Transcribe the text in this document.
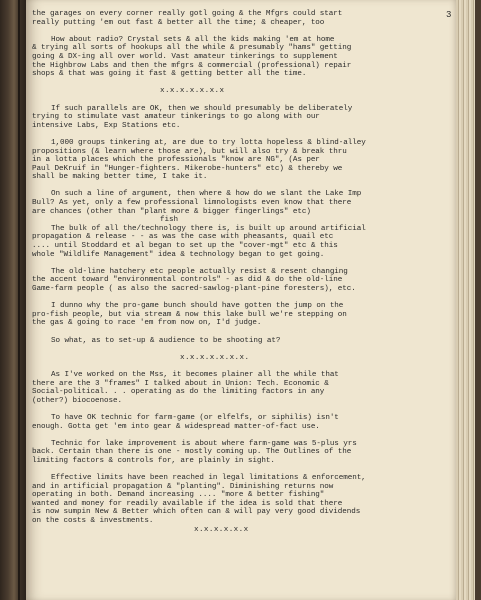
3
the garages on every corner really gotl going & the Mfgrs could start
really putting 'em out fast & better all the time; & cheaper, too
How about radio? Crystal sets & all the kids making 'em at home
& trying all sorts of hookups all the while & presumably "hams" getting
going & DX-ing all over world. Vast amateur tinkerings to supplement
the Highbrow Labs and then the mfgrs & commercial (professional) repair
shops & that was going it fast & getting better all the time.
x.x.x.x.x.x.x
If such parallels are OK, then we should presumably be deliberately
trying to stimulate vast amateur tinkerings to go along with our
intensive Labs, Exp Stations etc.
1,000 groups tinkering at, are due to try lotta hopeless & blind-alley
propositions (& learn where those are), but will also try & break thru
in a lotta places which the professionals "know are NG", (As per
Paul DeKruif in "Hunger-fighters. Mikerobe-hunters" etc) & thereby we
shall be making better time, I take it.
On such a line of argument, then where & how do we slant the Lake Imp
Bull? As yet, only a few professional limnologists even know that there
are chances (other than "plant more & bigger fingerlings" etc)
fish
The bulk of all the/technology there is, is built up around artificial
propagation & release - - as was the case with pheasants, quail etc
.... until Stoddard et al began to set up the "cover-mgt" etc & this
whole "Wildlife Management" idea & technology began to get going.
The old-line hatchery etc people actually resist & resent changing
the accent toward "environmental controls" - as did & do the old-line
Game-farm people ( as also the sacred-sawlog-plant-pine foresters), etc.
I dunno why the pro-game bunch should have gotten the jump on the
pro-fish people, but via stream & now this lake bull we're stepping on
the gas & going to race 'em from now on, I'd judge.
So what, as to set-up & audience to be shooting at?
x.x.x.x.x.x.x.
As I've worked on the Mss, it becomes plainer all the while that
there are the 3 "frames" I talked about in Union: Tech. Economic &
Social-political. . . operating as do the limiting factors in any
(other?) biocoenose.
To have OK technic for farm-game (or elfelfs, or siphilis) isn't
enough. Gotta get 'em into gear & widespread matter-of-fact use.
Technic for lake improvement is about where farm-game was 5-plus yrs
back. Certain than there is one - mostly coming up. The Outlines of the
limiting factors & controls for, are plainly in sight.
Effective limits have been reached in legal limitations & enforcement,
and in artificial propagation & "planting". Diminishing returns now
operating in both. Demand increasing .... "more & better fishing"
wanted and money for readily available if the idea is sold that there
is now sumpin New & Better which often can & will pay very good dividends
on the costs & investments.
x.x.x.x.x.x
